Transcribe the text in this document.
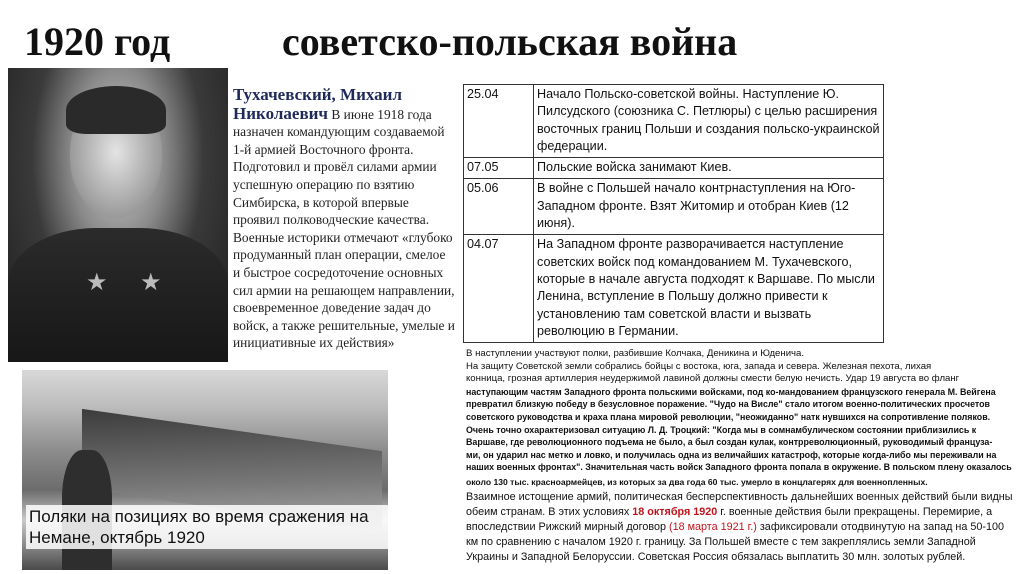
1920 год	советско-польская война
★ ★
Тухачевский, Михаил Николаевич В июне 1918 года назначен командующим создаваемой 1-й армией Восточного фронта. Подготовил и провёл силами армии успешную операцию по взятию Симбирска, в которой впервые проявил полководческие качества. Военные историки отмечают «глубоко продуманный план операции, смелое и быстрое сосредоточение основных сил армии на решающем направлении, своевременное доведение задач до войск, а также решительные, умелые и инициативные их действия»
25.04	Начало Польско-советской войны. Наступление Ю. Пилсудского (союзника С. Петлюры) с целью расширения восточных границ Польши и создания польско-украинской федерации.
07.05	Польские войска занимают Киев.
05.06	В войне с Польшей начало контрнаступления на Юго-Западном фронте. Взят Житомир и отобран Киев (12 июня).
04.07	На Западном фронте разворачивается наступление советских войск под командованием М. Тухачевского, которые в начале августа подходят к Варшаве. По мысли Ленина, вступление в Польшу должно привести к установлению там советской власти и вызвать революцию в Германии.
В наступлении участвуют полки, разбившие Колчака, Деникина и Юденича.
На защиту Советской земли собрались бойцы с востока, юга, запада и севера. Железная пехота, лихая
конница, грозная артиллерия неудержимой лавиной должны смести белую нечисть. Удар 19 августа во фланг
наступающим частям Западного фронта польскими войсками, под ко-мандованием французского генерала М. Вейгена
превратил близкую победу в безусловное поражение. "Чудо на Висле" стало итогом военно-политических просчетов
советского руководства и краха плана мировой революции, "неожиданно" натк нувшихся на сопротивление поляков.
Очень точно охарактеризовал ситуацию Л. Д. Троцкий: "Когда мы в сомнамбулическом состоянии приблизились к
Варшаве, где революционного подъема не было, а был создан кулак, контрреволюционный, руководимый француза-
ми, он ударил нас метко и ловко, и получилась одна из величайших катастроф, которые когда-либо мы переживали на
наших военных фронтах". Значительная часть войск Западного фронта попала в окружение. В польском плену оказалось
около 130 тыс. красноармейцев, из которых за два года 60 тыс. умерло в концлагерях для военнопленных.
Взаимное истощение армий, политическая бесперспективность дальнейших военных действий были видны
обеим странам. В этих условиях 18 октября 1920 г. военные действия были прекращены. Перемирие, а
впоследствии Рижский мирный договор (18 марта 1921 г.) зафиксировали отодвинутую на запад на 50-100
км по сравнению с началом 1920 г. границу. За Польшей вместе с тем закреплялись земли Западной
Украины и Западной Белоруссии. Советская Россия обязалась выплатить 30 млн. золотых рублей.
Поляки на позициях во время сражения на Немане, октябрь 1920
